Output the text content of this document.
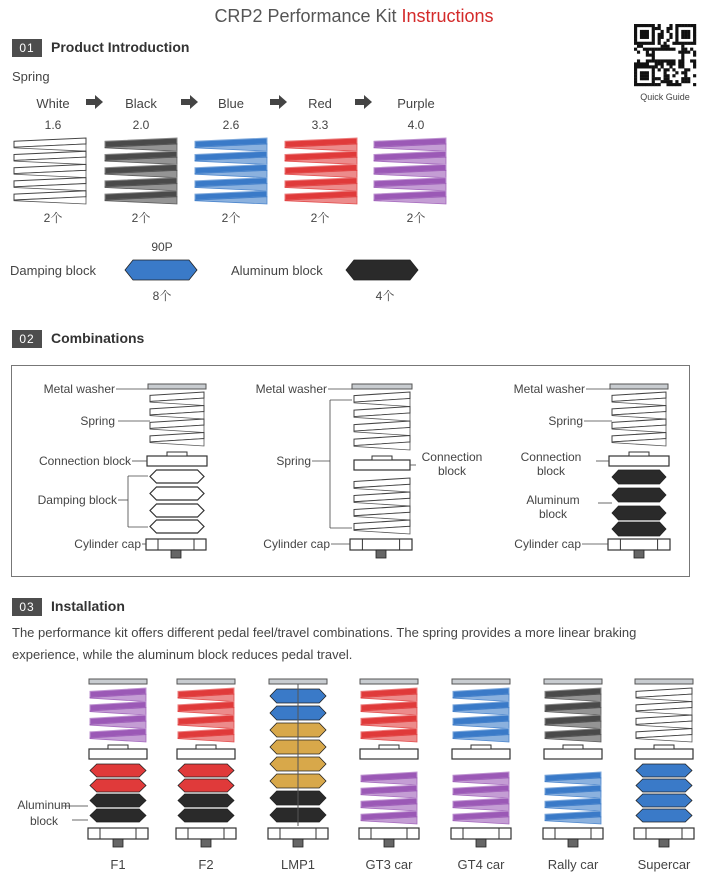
CRP2 Performance Kit Instructions
Quick Guide
01	Product Introduction
Spring
Damping block
90P
8个
Aluminum block
4个
02	Combinations
Metal washer
Spring
Connection block
Damping block
Cylinder cap
Metal washer
Spring	Connection
block
Cylinder cap
Metal washer
Spring
Connection
block
Aluminum
block
Cylinder cap
03	Installation
The performance kit offers different pedal feel/travel combinations. The spring provides a more linear braking
experience, while the aluminum block reduces pedal travel.
Aluminum
block
White
1.6
2个
Black
2.0
2个
Blue
2.6
2个
Red
3.3
2个
Purple
4.0
2个
F1	F2	LMP1	GT3 car	GT4 car	Rally car	Supercar
